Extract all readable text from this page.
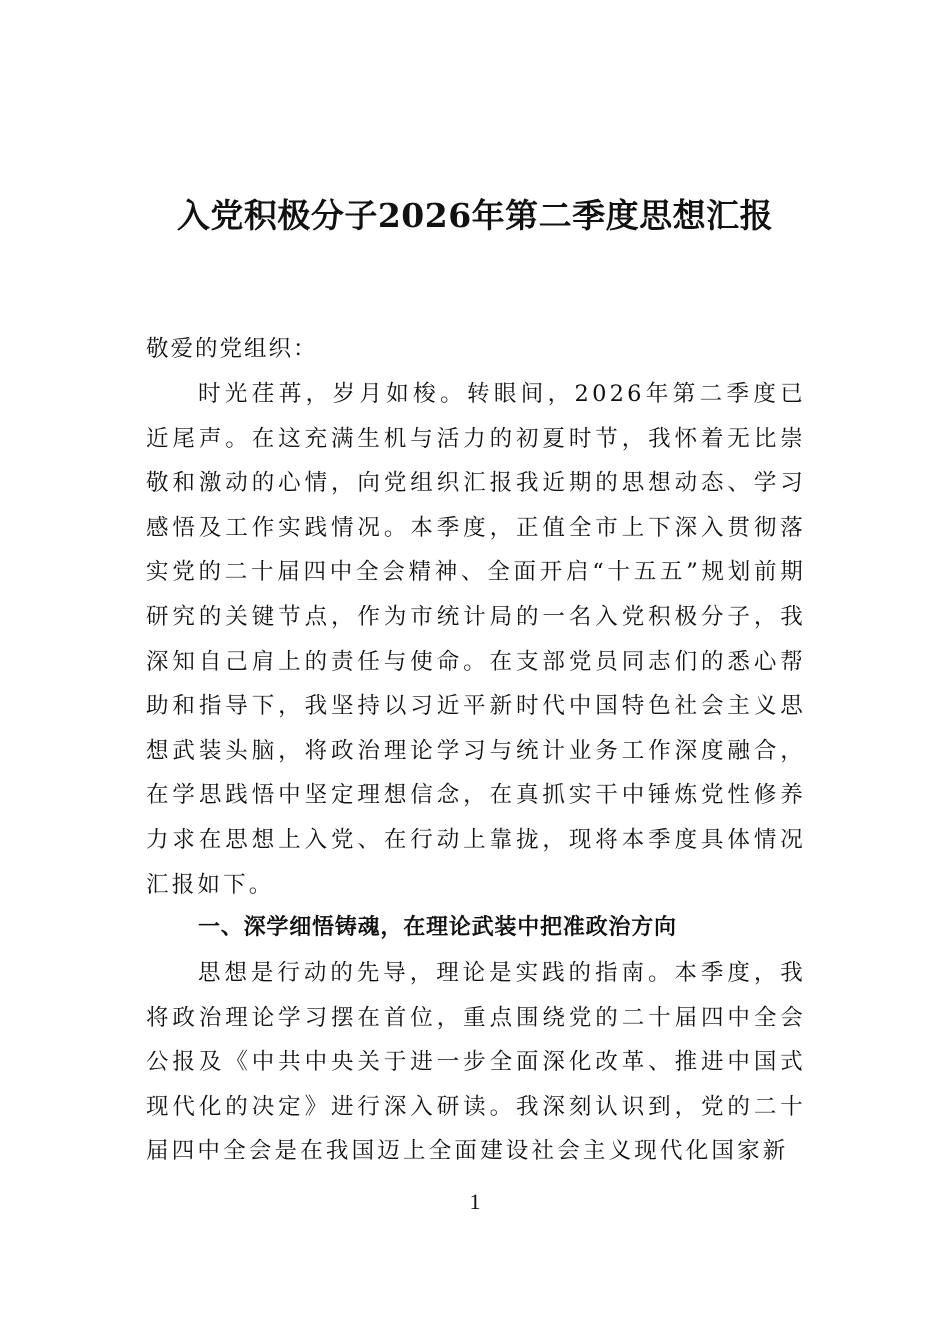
入党积极分子2026年第二季度思想汇报

敬爱的党组织：

时光荏苒，岁月如梭。转眼间，2026年第二季度已近尾声。在这充满生机与活力的初夏时节，我怀着无比崇敬和激动的心情，向党组织汇报我近期的思想动态、学习感悟及工作实践情况。本季度，正值全市上下深入贯彻落实党的二十届四中全会精神、全面开启“十五五”规划前期研究的关键节点，作为市统计局的一名入党积极分子，我深知自己肩上的责任与使命。在支部党员同志们的悉心帮助和指导下，我坚持以习近平新时代中国特色社会主义思想武装头脑，将政治理论学习与统计业务工作深度融合，在学思践悟中坚定理想信念，在真抓实干中锤炼党性修养力求在思想上入党、在行动上靠拢，现将本季度具体情况汇报如下。

一、深学细悟铸魂，在理论武装中把准政治方向

思想是行动的先导，理论是实践的指南。本季度，我将政治理论学习摆在首位，重点围绕党的二十届四中全会公报及《中共中央关于进一步全面深化改革、推进中国式现代化的决定》进行深入研读。我深刻认识到，党的二十届四中全会是在我国迈上全面建设社会主义现代化国家新

1
